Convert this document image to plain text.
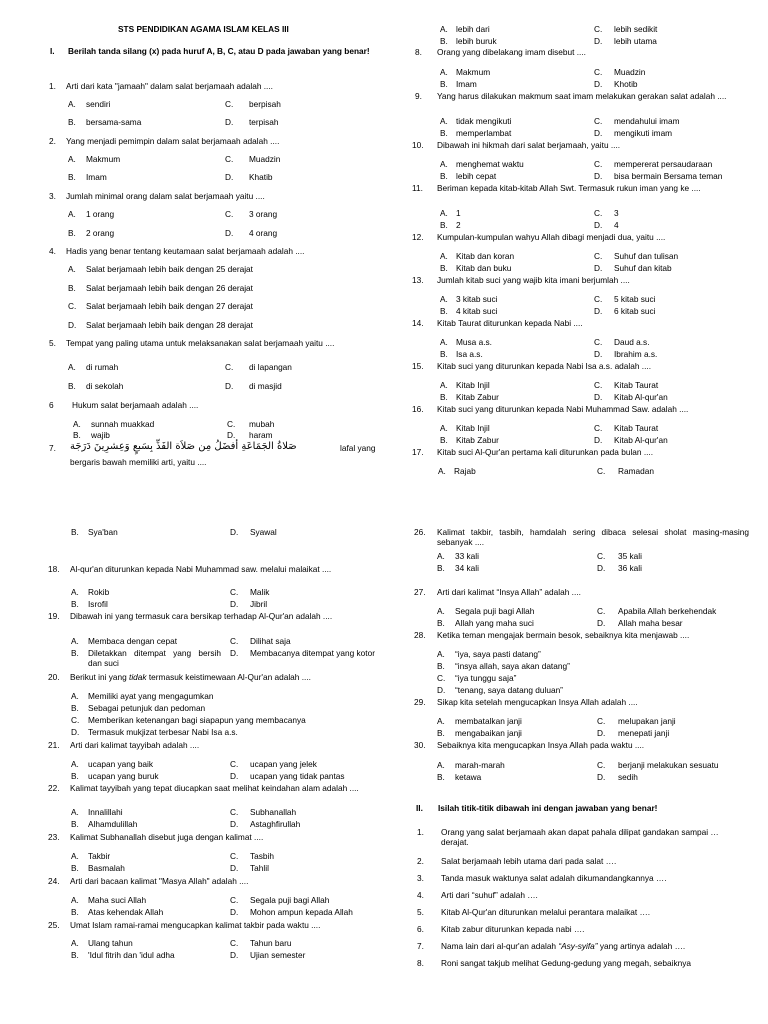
STS PENDIDIKAN AGAMA ISLAM KELAS III
I. Berilah tanda silang (x) pada huruf A, B, C, atau D pada jawaban yang benar!
1. Arti dari kata "jamaah" dalam salat berjamaah adalah ....
A. sendiri	C. berpisah
B. bersama-sama	D. terpisah
2. Yang menjadi pemimpin dalam salat berjamaah adalah ....
A. Makmum	C. Muadzin
B. Imam	D. Khatib
3. Jumlah minimal orang dalam salat berjamaah yaitu ....
A. 1 orang	C. 3 orang
B. 2 orang	D. 4 orang
4. Hadis yang benar tentang keutamaan salat berjamaah adalah ....
A. Salat berjamaah lebih baik dengan 25 derajat
B. Salat berjamaah lebih baik dengan 26 derajat
C. Salat berjamaah lebih baik dengan 27 derajat
D. Salat berjamaah lebih baik dengan 28 derajat
5. Tempat yang paling utama untuk melaksanakan salat berjamaah yaitu ....
A. di rumah	C. di lapangan
B. di sekolah	D. di masjid
6 Hukum salat berjamaah adalah ....
A. sunnah muakkad	C. mubah
B. wajib	D. haram
7. صَلاةُ الجَمَاعَةِ أفضَلُ مِن صَلاَة الفَذِّ بِسَبعٍ وَعِشرِينَ دَرَجَة	lafal yang
bergaris bawah memiliki arti, yaitu ....
A. lebih dari	C. lebih sedikit
B. lebih buruk	D. lebih utama
8. Orang yang dibelakang imam disebut ....
A. Makmum	C. Muadzin
B. Imam	D. Khotib
9. Yang harus dilakukan makmum saat imam melakukan gerakan salat adalah ....
A. tidak mengikuti	C. mendahului imam
B. memperlambat	D. mengikuti imam
10. Dibawah ini hikmah dari salat berjamaah, yaitu ....
A. menghemat waktu	C. mempererat persaudaraan
B. lebih cepat	D. bisa bermain Bersama teman
11. Beriman kepada kitab-kitab Allah Swt. Termasuk rukun iman yang ke ....
A. 1	C. 3
B. 2	D. 4
12. Kumpulan-kumpulan wahyu Allah dibagi menjadi dua, yaitu ....
A. Kitab dan koran	C. Suhuf dan tulisan
B. Kitab dan buku	D. Suhuf dan kitab
13. Jumlah kitab suci yang wajib kita imani berjumlah ....
A. 3 kitab suci	C. 5 kitab suci
B. 4 kitab suci	D. 6 kitab suci
14. Kitab Taurat diturunkan kepada Nabi ....
A. Musa a.s.	C. Daud a.s.
B. Isa a.s.	D. Ibrahim a.s.
15. Kitab suci yang diturunkan kepada Nabi Isa a.s. adalah ....
A. Kitab Injil	C. Kitab Taurat
B. Kitab Zabur	D. Kitab Al-qur'an
16. Kitab suci yang diturunkan kepada Nabi Muhammad Saw. adalah ....
A. Kitab Injil	C. Kitab Taurat
B. Kitab Zabur	D. Kitab Al-qur'an
17. Kitab suci Al-Qur'an pertama kali diturunkan pada bulan ....
A. Rajab	C. Ramadan
B. Sya'ban	D. Syawal
18. Al-qur'an diturunkan kepada Nabi Muhammad saw. melalui malaikat ....
A. Rokib	C. Malik
B. Isrofil	D. Jibril
19. Dibawah ini yang termasuk cara bersikap terhadap Al-Qur'an adalah ....
A. Membaca dengan cepat	C. Dilihat saja
B. Diletakkan ditempat yang bersih dan suci
D. Membacanya ditempat yang kotor
20. Berikut ini yang tidak termasuk keistimewaan Al-Qur'an adalah ....
A. Memiliki ayat yang mengagumkan
B. Sebagai petunjuk dan pedoman
C. Memberikan ketenangan bagi siapapun yang membacanya
D. Termasuk mukjizat terbesar Nabi Isa a.s.
21. Arti dari kalimat tayyibah adalah ....
A. ucapan yang baik	C. ucapan yang jelek
B. ucapan yang buruk	D. ucapan yang tidak pantas
22. Kalimat tayyibah yang tepat diucapkan saat melihat keindahan alam adalah ....
A. Innalillahi	C. Subhanallah
B. Alhamdulillah	D. Astaghfirullah
23. Kalimat Subhanallah disebut juga dengan kalimat ....
A. Takbir	C. Tasbih
B. Basmalah	D. Tahlil
24. Arti dari bacaan kalimat "Masya Allah" adalah ....
A. Maha suci Allah	C. Segala puji bagi Allah
B. Atas kehendak Allah	D. Mohon ampun kepada Allah
25. Umat Islam ramai-ramai mengucapkan kalimat takbir pada waktu ....
A. Ulang tahun	C. Tahun baru
B. 'Idul fitrih dan 'idul adha	D. Ujian semester
26. Kalimat takbir, tasbih, hamdalah sering dibaca selesai sholat masing-masing sebanyak ....
A. 33 kali	C. 35 kali
B. 34 kali	D. 36 kali
27. Arti dari kalimat “Insya Allah” adalah ....
A. Segala puji bagi Allah	C. Apabila Allah berkehendak
B. Allah yang maha suci	D. Allah maha besar
28. Ketika teman mengajak bermain besok, sebaiknya kita menjawab ....
A. “iya, saya pasti datang”
B. “insya allah, saya akan datang”
C. “iya tunggu saja”
D. “tenang, saya datang duluan”
29. Sikap kita setelah mengucapkan Insya Allah adalah ....
A. membatalkan janji	C. melupakan janji
B. mengabaikan janji	D. menepati janji
30. Sebaiknya kita mengucapkan Insya Allah pada waktu ....
A. marah-marah	C. berjanji melakukan sesuatu
B. ketawa	D. sedih
II. Isilah titik-titik dibawah ini dengan jawaban yang benar!
1. Orang yang salat berjamaah akan dapat pahala dilipat gandakan sampai … derajat.
2. Salat berjamaah lebih utama dari pada salat ….
3. Tanda masuk waktunya salat adalah dikumandangkannya ….
4. Arti dari “suhuf” adalah ….
5. Kitab Al-Qur'an diturunkan melalui perantara malaikat ….
6. Kitab zabur diturunkan kepada nabi ….
7. Nama lain dari al-qur'an adalah “Asy-syifa” yang artinya adalah ….
8. Roni sangat takjub melihat Gedung-gedung yang megah, sebaiknya
